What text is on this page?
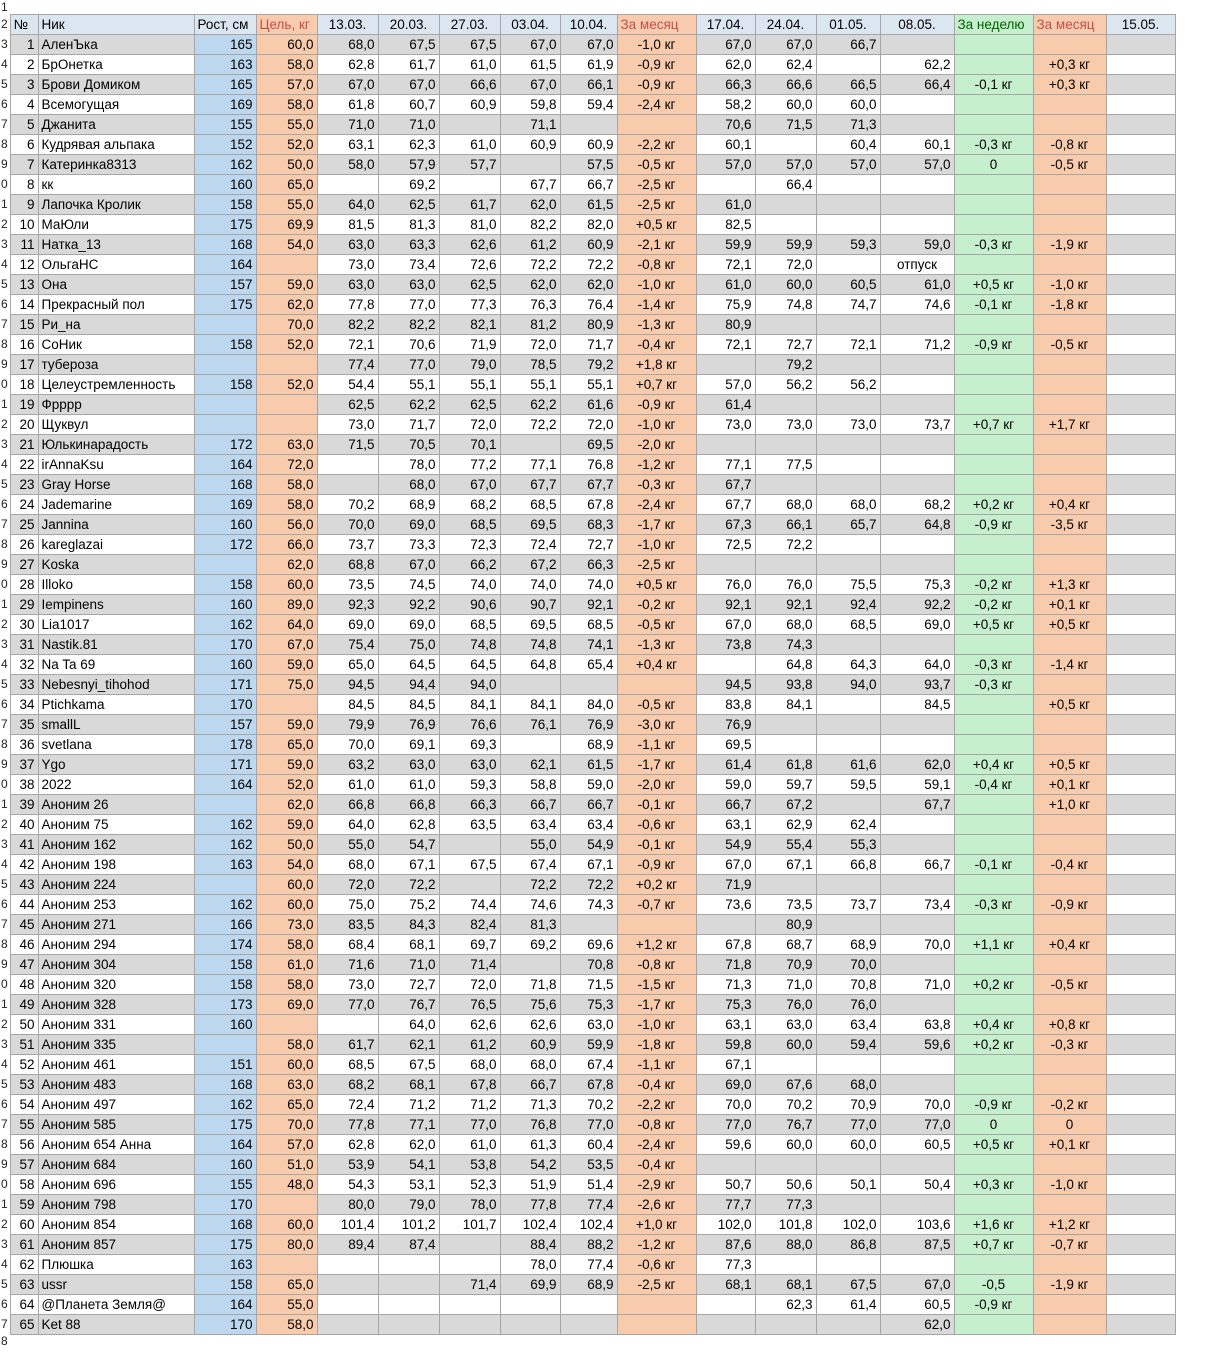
1																	
2	№	Ник	Рост, см	Цель, кг	13.03.	20.03.	27.03.	03.04.	10.04.	За месяц	17.04.	24.04.	01.05.	08.05.	За неделю	За месяц	15.05.
3	1	АленЪка	165	60,0	68,0	67,5	67,5	67,0	67,0	-1,0 кг	67,0	67,0	66,7				
4	2	БрОнетка	163	58,0	62,8	61,7	61,0	61,5	61,9	-0,9 кг	62,0	62,4		62,2		+0,3 кг	
5	3	Брови Домиком	165	57,0	67,0	67,0	66,6	67,0	66,1	-0,9 кг	66,3	66,6	66,5	66,4	-0,1 кг	+0,3 кг	
6	4	Всемогущая	169	58,0	61,8	60,7	60,9	59,8	59,4	-2,4 кг	58,2	60,0	60,0				
7	5	Джанита	155	55,0	71,0	71,0		71,1			70,6	71,5	71,3				
8	6	Кудрявая альпака	152	52,0	63,1	62,3	61,0	60,9	60,9	-2,2 кг	60,1		60,4	60,1	-0,3 кг	-0,8 кг	
9	7	Катеринка8313	162	50,0	58,0	57,9	57,7		57,5	-0,5 кг	57,0	57,0	57,0	57,0	0	-0,5 кг	
0	8	кк	160	65,0		69,2		67,7	66,7	-2,5 кг		66,4					
1	9	Лапочка Кролик	158	55,0	64,0	62,5	61,7	62,0	61,5	-2,5 кг	61,0						
2	10	МаЮли	175	69,9	81,5	81,3	81,0	82,2	82,0	+0,5 кг	82,5						
3	11	Натка_13	168	54,0	63,0	63,3	62,6	61,2	60,9	-2,1 кг	59,9	59,9	59,3	59,0	-0,3 кг	-1,9 кг	
4	12	ОльгаНС	164		73,0	73,4	72,6	72,2	72,2	-0,8 кг	72,1	72,0		отпуск			
5	13	Она	157	59,0	63,0	63,0	62,5	62,0	62,0	-1,0 кг	61,0	60,0	60,5	61,0	+0,5 кг	-1,0 кг	
6	14	Прекрасный пол	175	62,0	77,8	77,0	77,3	76,3	76,4	-1,4 кг	75,9	74,8	74,7	74,6	-0,1 кг	-1,8 кг	
7	15	Ри_на		70,0	82,2	82,2	82,1	81,2	80,9	-1,3 кг	80,9						
8	16	СоНик	158	52,0	72,1	70,6	71,9	72,0	71,7	-0,4 кг	72,1	72,7	72,1	71,2	-0,9 кг	-0,5 кг	
9	17	тубероза			77,4	77,0	79,0	78,5	79,2	+1,8 кг		79,2					
0	18	Целеустремленность	158	52,0	54,4	55,1	55,1	55,1	55,1	+0,7 кг	57,0	56,2	56,2				
1	19	Фрррр			62,5	62,2	62,5	62,2	61,6	-0,9 кг	61,4						
2	20	Щуквул			73,0	71,7	72,0	72,2	72,0	-1,0 кг	73,0	73,0	73,0	73,7	+0,7 кг	+1,7 кг	
3	21	Юлькинарадость	172	63,0	71,5	70,5	70,1		69,5	-2,0 кг							
4	22	irAnnaKsu	164	72,0		78,0	77,2	77,1	76,8	-1,2 кг	77,1	77,5					
5	23	Gray Horse	168	58,0		68,0	67,0	67,7	67,7	-0,3 кг	67,7						
6	24	Jademarine	169	58,0	70,2	68,9	68,2	68,5	67,8	-2,4 кг	67,7	68,0	68,0	68,2	+0,2 кг	+0,4 кг	
7	25	Jannina	160	56,0	70,0	69,0	68,5	69,5	68,3	-1,7 кг	67,3	66,1	65,7	64,8	-0,9 кг	-3,5 кг	
8	26	kareglazai	172	66,0	73,7	73,3	72,3	72,4	72,7	-1,0 кг	72,5	72,2					
9	27	Koska		62,0	68,8	67,0	66,2	67,2	66,3	-2,5 кг							
0	28	Illoko	158	60,0	73,5	74,5	74,0	74,0	74,0	+0,5 кг	76,0	76,0	75,5	75,3	-0,2 кг	+1,3 кг	
1	29	Iempinens	160	89,0	92,3	92,2	90,6	90,7	92,1	-0,2 кг	92,1	92,1	92,4	92,2	-0,2 кг	+0,1 кг	
2	30	Lia1017	162	64,0	69,0	69,0	68,5	69,5	68,5	-0,5 кг	67,0	68,0	68,5	69,0	+0,5 кг	+0,5 кг	
3	31	Nastik.81	170	67,0	75,4	75,0	74,8	74,8	74,1	-1,3 кг	73,8	74,3					
4	32	Na Ta 69	160	59,0	65,0	64,5	64,5	64,8	65,4	+0,4 кг		64,8	64,3	64,0	-0,3 кг	-1,4 кг	
5	33	Nebesnyi_tihohod	171	75,0	94,5	94,4	94,0				94,5	93,8	94,0	93,7	-0,3 кг		
6	34	Ptichkama	170		84,5	84,5	84,1	84,1	84,0	-0,5 кг	83,8	84,1		84,5		+0,5 кг	
7	35	smallL	157	59,0	79,9	76,9	76,6	76,1	76,9	-3,0 кг	76,9						
8	36	svetlana	178	65,0	70,0	69,1	69,3		68,9	-1,1 кг	69,5						
9	37	Ygo	171	59,0	63,2	63,0	63,0	62,1	61,5	-1,7 кг	61,4	61,8	61,6	62,0	+0,4 кг	+0,5 кг	
0	38	2022	164	52,0	61,0	61,0	59,3	58,8	59,0	-2,0 кг	59,0	59,7	59,5	59,1	-0,4 кг	+0,1 кг	
1	39	Аноним 26		62,0	66,8	66,8	66,3	66,7	66,7	-0,1 кг	66,7	67,2		67,7		+1,0 кг	
2	40	Аноним 75	162	59,0	64,0	62,8	63,5	63,4	63,4	-0,6 кг	63,1	62,9	62,4				
3	41	Аноним 162	162	50,0	55,0	54,7		55,0	54,9	-0,1 кг	54,9	55,4	55,3				
4	42	Аноним 198	163	54,0	68,0	67,1	67,5	67,4	67,1	-0,9 кг	67,0	67,1	66,8	66,7	-0,1 кг	-0,4 кг	
5	43	Аноним 224		60,0	72,0	72,2		72,2	72,2	+0,2 кг	71,9						
6	44	Аноним 253	162	60,0	75,0	75,2	74,4	74,6	74,3	-0,7 кг	73,6	73,5	73,7	73,4	-0,3 кг	-0,9 кг	
7	45	Аноним 271	166	73,0	83,5	84,3	82,4	81,3				80,9					
8	46	Аноним 294	174	58,0	68,4	68,1	69,7	69,2	69,6	+1,2 кг	67,8	68,7	68,9	70,0	+1,1 кг	+0,4 кг	
9	47	Аноним 304	158	61,0	71,6	71,0	71,4		70,8	-0,8 кг	71,8	70,9	70,0				
0	48	Аноним 320	158	58,0	73,0	72,7	72,0	71,8	71,5	-1,5 кг	71,3	71,0	70,8	71,0	+0,2 кг	-0,5 кг	
1	49	Аноним 328	173	69,0	77,0	76,7	76,5	75,6	75,3	-1,7 кг	75,3	76,0	76,0				
2	50	Аноним 331	160			64,0	62,6	62,6	63,0	-1,0 кг	63,1	63,0	63,4	63,8	+0,4 кг	+0,8 кг	
3	51	Аноним 335		58,0	61,7	62,1	61,2	60,9	59,9	-1,8 кг	59,8	60,0	59,4	59,6	+0,2 кг	-0,3 кг	
4	52	Аноним 461	151	60,0	68,5	67,5	68,0	68,0	67,4	-1,1 кг	67,1						
5	53	Аноним 483	168	63,0	68,2	68,1	67,8	66,7	67,8	-0,4 кг	69,0	67,6	68,0				
6	54	Аноним 497	162	65,0	72,4	71,2	71,2	71,3	70,2	-2,2 кг	70,0	70,2	70,9	70,0	-0,9 кг	-0,2 кг	
7	55	Аноним 585	175	70,0	77,8	77,1	77,0	76,8	77,0	-0,8 кг	77,0	76,7	77,0	77,0	0	0	
8	56	Аноним 654 Анна	164	57,0	62,8	62,0	61,0	61,3	60,4	-2,4 кг	59,6	60,0	60,0	60,5	+0,5 кг	+0,1 кг	
9	57	Аноним 684	160	51,0	53,9	54,1	53,8	54,2	53,5	-0,4 кг							
0	58	Аноним 696	155	48,0	54,3	53,1	52,3	51,9	51,4	-2,9 кг	50,7	50,6	50,1	50,4	+0,3 кг	-1,0 кг	
1	59	Аноним 798	170		80,0	79,0	78,0	77,8	77,4	-2,6 кг	77,7	77,3					
2	60	Аноним 854	168	60,0	101,4	101,2	101,7	102,4	102,4	+1,0 кг	102,0	101,8	102,0	103,6	+1,6 кг	+1,2 кг	
3	61	Аноним 857	175	80,0	89,4	87,4		88,4	88,2	-1,2 кг	87,6	88,0	86,8	87,5	+0,7 кг	-0,7 кг	
4	62	Плюшка	163					78,0	77,4	-0,6 кг	77,3						
5	63	ussr	158	65,0			71,4	69,9	68,9	-2,5 кг	68,1	68,1	67,5	67,0	-0,5	-1,9 кг	
6	64	@Планета Земля@	164	55,0								62,3	61,4	60,5	-0,9 кг		
7	65	Ket 88	170	58,0										62,0			
8																	
